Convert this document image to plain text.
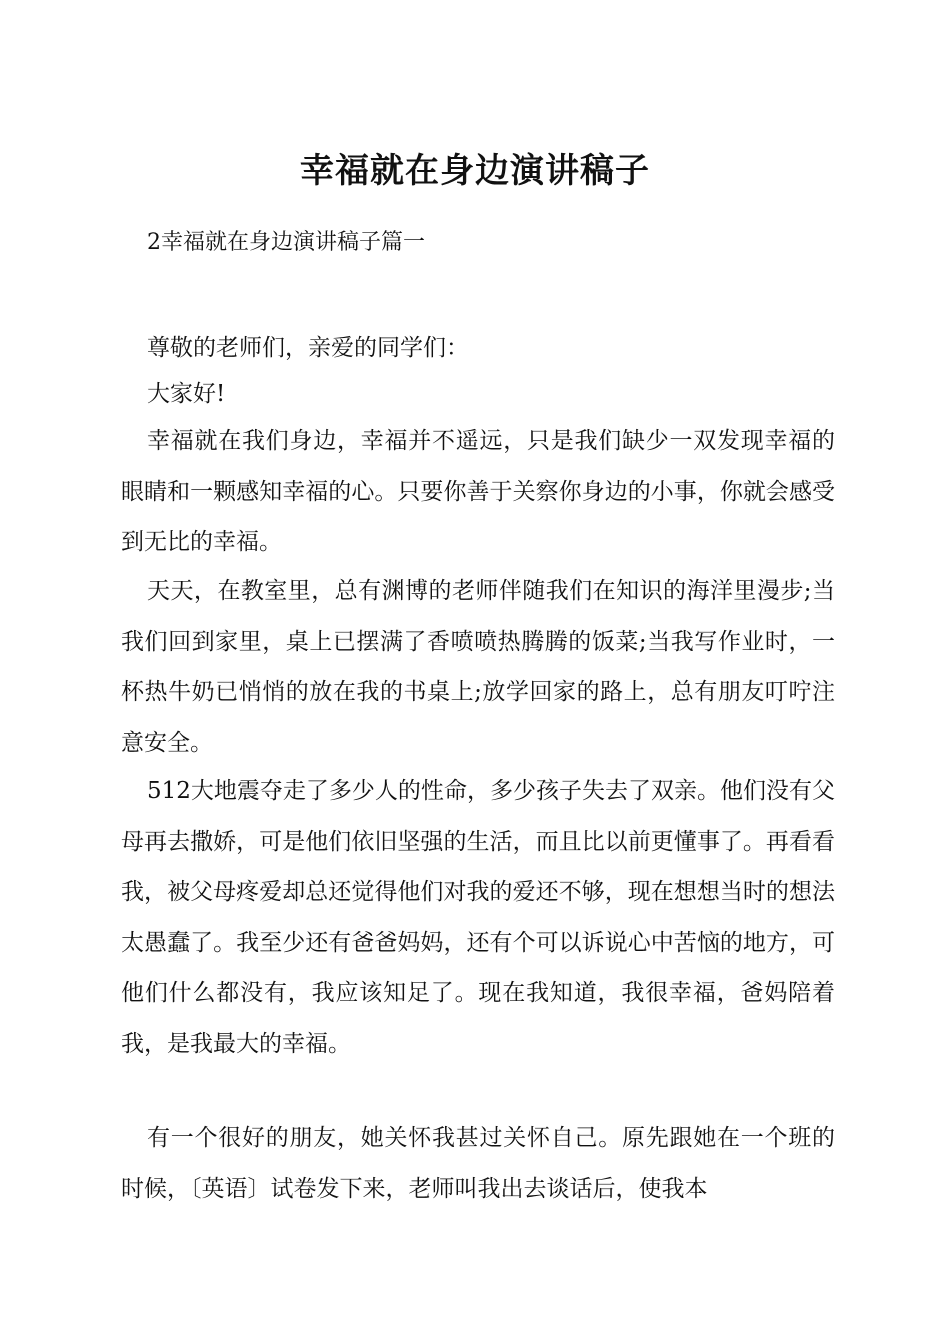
幸福就在身边演讲稿子

2幸福就在身边演讲稿子篇一

尊敬的老师们，亲爱的同学们：

大家好!

幸福就在我们身边，幸福并不遥远，只是我们缺少一双发现幸福的眼睛和一颗感知幸福的心。只要你善于关察你身边的小事，你就会感受到无比的幸福。

天天，在教室里，总有渊博的老师伴随我们在知识的海洋里漫步;当我们回到家里，桌上已摆满了香喷喷热腾腾的饭菜;当我写作业时，一杯热牛奶已悄悄的放在我的书桌上;放学回家的路上，总有朋友叮咛注意安全。

512大地震夺走了多少人的性命，多少孩子失去了双亲。他们没有父母再去撒娇，可是他们依旧坚强的生活，而且比以前更懂事了。再看看我，被父母疼爱却总还觉得他们对我的爱还不够，现在想想当时的想法太愚蠢了。我至少还有爸爸妈妈，还有个可以诉说心中苦恼的地方，可他们什么都没有，我应该知足了。现在我知道，我很幸福，爸妈陪着我，是我最大的幸福。

有一个很好的朋友，她关怀我甚过关怀自己。原先跟她在一个班的时候，〔英语〕试卷发下来，老师叫我出去谈话后，使我本
